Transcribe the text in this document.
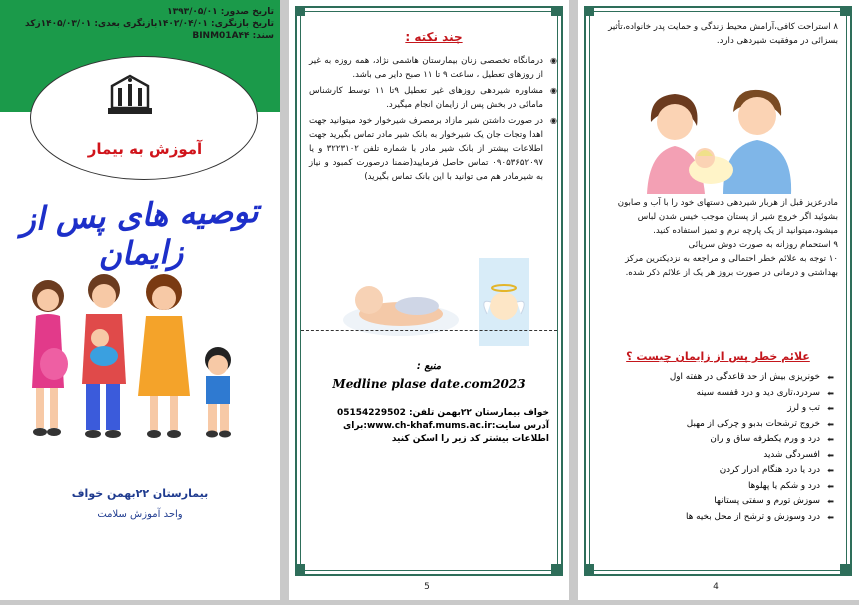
تاریخ صدور: ۱۳۹۳/۰۵/۰۱
تاریخ بازنگری: ۱۴۰۲/۰۴/۰۱بازنگری بعدی: ۱۴۰۵/۰۳/۰۱زکد
سند: BINM01A۴۴
آموزش به بیمار
توصیه های پس از زایمان
بیمارستان ۲۲بهمن خواف
واحد آموزش سلامت
چند نکته :
◉ درمانگاه تخصصی زنان بیمارستان هاشمی نژاد، همه روزه به غیر از روزهای تعطیل ، ساعت ۹ تا ۱۱ صبح دایر می باشد.
◉ مشاوره شیردهی روزهای غیر تعطیل ۹تا ۱۱ توسط کارشناس مامائی در بخش پس از زایمان انجام میگیرد.
◉ در صورت داشتن شیر مازاد برمصرف شیرخوار خود میتوانید جهت اهدا وتجات جان یک شیرخوار به بانک شیر مادر تماس بگیرید جهت اطلاعات بیشتر از بانک شیر مادر با شماره تلفن ۳۲۲۳۱۰۲ و یا ۰۹۰۵۳۶۵۲۰۹۷ تماس حاصل فرمایید(ضمنا درصورت کمبود و نیاز به شیرمادر هم می توانید با این بانک تماس بگیرید)
منبع :
Medline plase date.com2023
خواف بیمارستان ۲۲بهمن تلفن: 05154229502
آدرس سایت:www.ch-khaf.mums.ac.ir:برای اطلاعات بیشتر کد زیر را اسکن کنید
5
۸ استراحت کافی،آرامش محیط زندگی و حمایت پدر خانواده،تأثیر بسزائی در موفقیت شیردهی دارد.
مادرعزیز قبل از هربار شیردهی دستهای خود را با آب و صابون بشوئید اگر خروج شیر از پستان موجب خیس شدن لباس میشود،میتوانید از یک پارچه نرم و تمیز استفاده کنید.
۹ استحمام روزانه به صورت دوش سرپائی
۱۰ توجه به علائم خطر احتمالی و مراجعه به نزدیکترین مرکز بهداشتی و درمانی در صورت بروز هر یک از علائم ذکر شده.
علائم خطر پس از زایمان چیست ؟
⬅ خونریزی بیش از حد قاعدگی در هفته اول
⬅ سردرد،تاری دید و درد قفسه سینه
⬅ تب و لرز
⬅ خروج ترشحات بدبو و چرکی از مهبل
⬅ درد و ورم یکطرفه ساق و ران
⬅ افسردگی شدید
⬅ درد یا درد هنگام ادرار کردن
⬅ درد و شکم یا پهلوها
⬅ سوزش تورم و سفتی پستانها
⬅ درد وسوزش و ترشح از محل بخیه ها
4
